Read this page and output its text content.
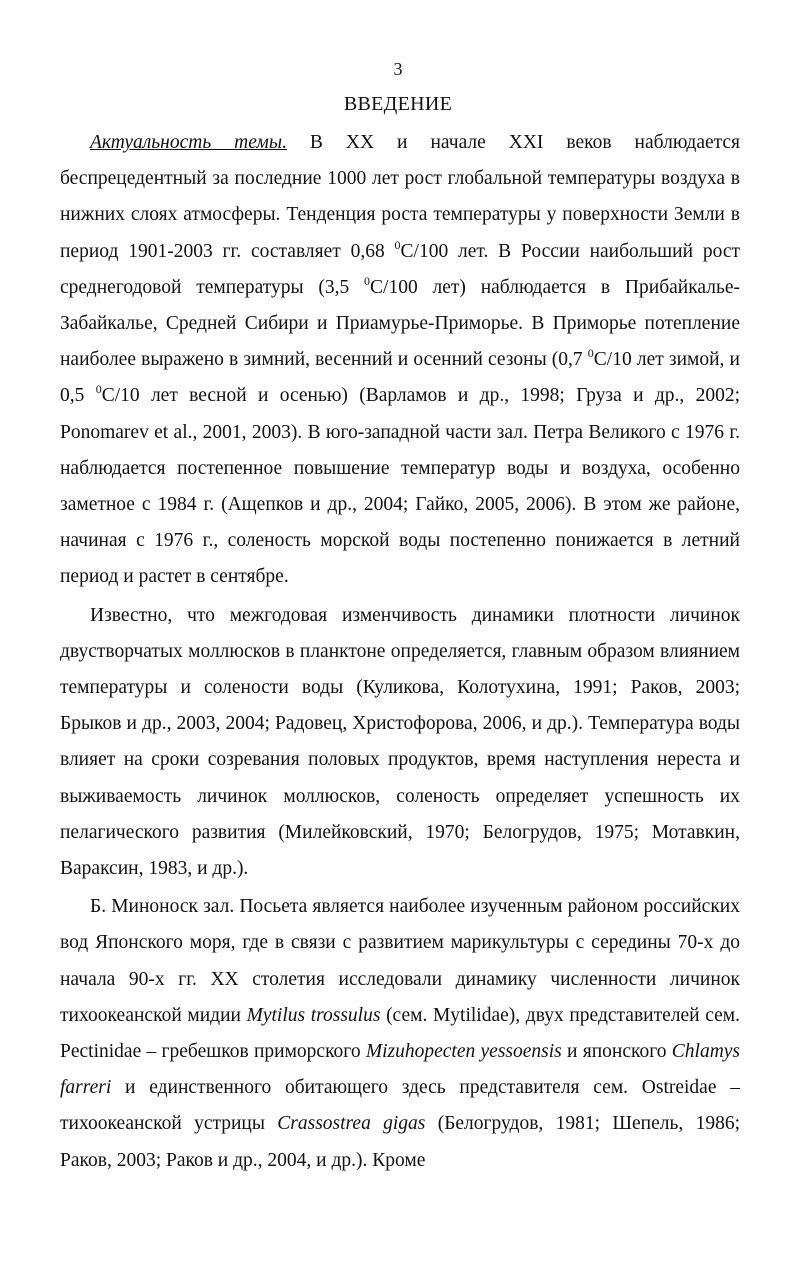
3
ВВЕДЕНИЕ

Актуальность темы. В XX и начале XXI веков наблюдается беспрецедентный за последние 1000 лет рост глобальной температуры воздуха в нижних слоях атмосферы. Тенденция роста температуры у поверхности Земли в период 1901-2003 гг. составляет 0,68 $^0$C/100 лет. В России наибольший рост среднегодовой температуры (3,5 $^0$C/100 лет) наблюдается в Прибайкалье-Забайкалье, Средней Сибири и Приамурье-Приморье. В Приморье потепление наиболее выражено в зимний, весенний и осенний сезоны (0,7 $^0$C/10 лет зимой, и 0,5 $^0$C/10 лет весной и осенью) (Варламов и др., 1998; Груза и др., 2002; Ponomarev et al., 2001, 2003). В юго-западной части зал. Петра Великого с 1976 г. наблюдается постепенное повышение температур воды и воздуха, особенно заметное с 1984 г. (Ащепков и др., 2004; Гайко, 2005, 2006). В этом же районе, начиная с 1976 г., соленость морской воды постепенно понижается в летний период и растет в сентябре.

Известно, что межгодовая изменчивость динамики плотности личинок двустворчатых моллюсков в планктоне определяется, главным образом влиянием температуры и солености воды (Куликова, Колотухина, 1991; Раков, 2003; Брыков и др., 2003, 2004; Радовец, Христофорова, 2006, и др.). Температура воды влияет на сроки созревания половых продуктов, время наступления нереста и выживаемость личинок моллюсков, соленость определяет успешность их пелагического развития (Милейковский, 1970; Белогрудов, 1975; Мотавкин, Вараксин, 1983, и др.).

Б. Миноноск зал. Посьета является наиболее изученным районом российских вод Японского моря, где в связи с развитием марикультуры с середины 70-х до начала 90-х гг. XX столетия исследовали динамику численности личинок тихоокеанской мидии Mytilus trossulus (сем. Mytilidae), двух представителей сем. Pectinidae – гребешков приморского Mizuhopecten yessoensis и японского Chlamys farreri и единственного обитающего здесь представителя сем. Ostreidae – тихоокеанской устрицы Crassostrea gigas (Белогрудов, 1981; Шепель, 1986; Раков, 2003; Раков и др., 2004, и др.). Кроме
